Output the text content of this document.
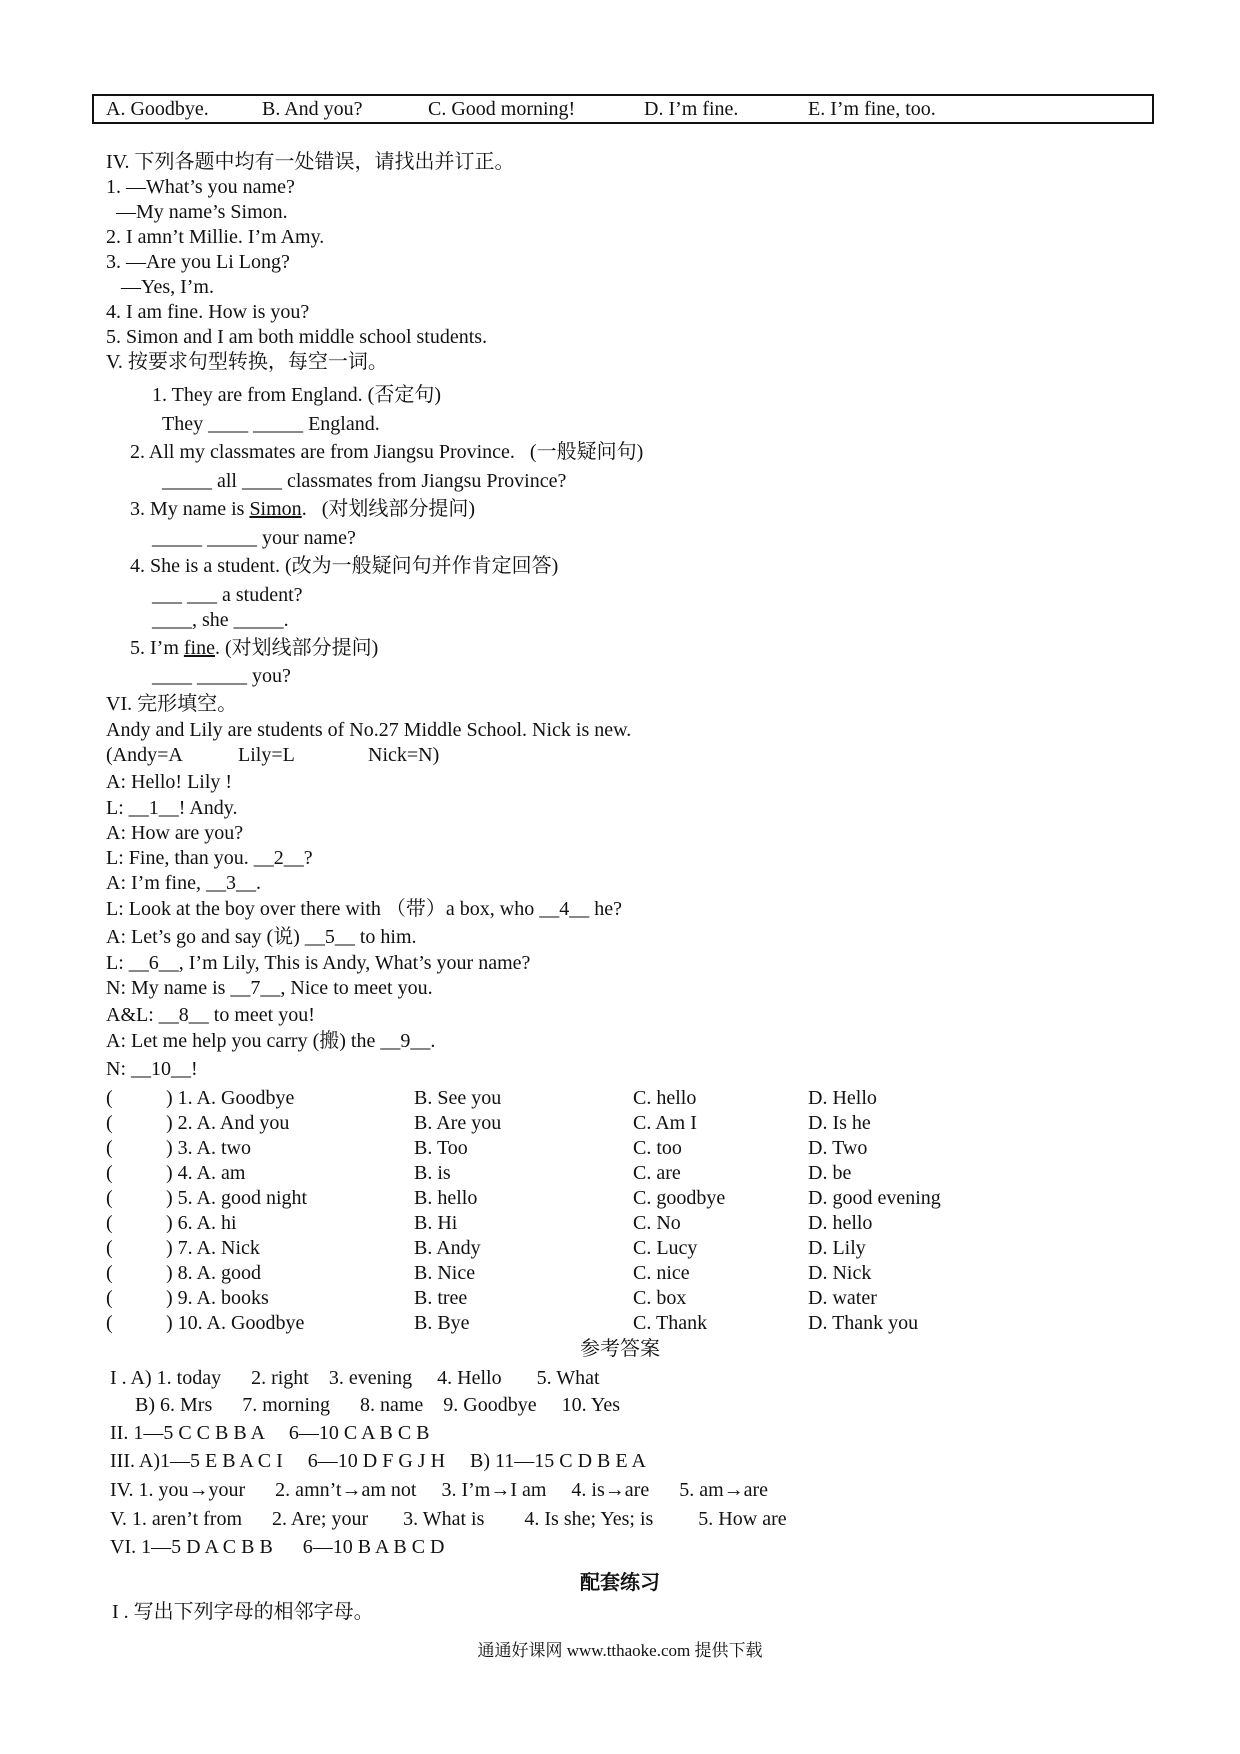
A. Goodbye.	B. And you?	C. Good morning!	D. I’m fine.	E. I’m fine, too.
IV. 下列各题中均有一处错误，请找出并订正。
1. —What’s you name?
—My name’s Simon.
2. I amn’t Millie. I’m Amy.
3. —Are you Li Long?
—Yes, I’m.
4. I am fine. How is you?
5. Simon and I am both middle school students.
V. 按要求句型转换，每空一词。
1. They are from England. (否定句)
They ____ _____ England.
2. All my classmates are from Jiangsu Province.   (一般疑问句)
_____ all ____ classmates from Jiangsu Province?
3. My name is Simon.   (对划线部分提问)
_____ _____ your name?
4. She is a student. (改为一般疑问句并作肯定回答)
___ ___ a student?
____, she _____.
5. I’m fine. (对划线部分提问)
____ _____ you?
VI. 完形填空。
Andy and Lily are students of No.27 Middle School. Nick is new.
(Andy=A	Lily=L	Nick=N)
A: Hello! Lily !
L: __1__! Andy.
A: How are you?
L: Fine, than you. __2__?
A: I’m fine, __3__.
L: Look at the boy over there with （带）a box, who __4__ he?
A: Let’s go and say (说) __5__ to him.
L: __6__, I’m Lily, This is Andy, What’s your name?
N: My name is __7__, Nice to meet you.
A&L: __8__ to meet you!
A: Let me help you carry (搬) the __9__.
N: __10__!
(	) 1. A. Goodbye	B. See you	C. hello	D. Hello
(	) 2. A. And you	B. Are you	C. Am I	D. Is he
(	) 3. A. two	B. Too	C. too	D. Two
(	) 4. A. am	B. is	C. are	D. be
(	) 5. A. good night	B. hello	C. goodbye	D. good evening
(	) 6. A. hi	B. Hi	C. No	D. hello
(	) 7. A. Nick	B. Andy	C. Lucy	D. Lily
(	) 8. A. good	B. Nice	C. nice	D. Nick
(	) 9. A. books	B. tree	C. box	D. water
(	) 10. A. Goodbye	B. Bye	C. Thank	D. Thank you
参考答案
I . A) 1. today      2. right    3. evening     4. Hello       5. What
B) 6. Mrs      7. morning      8. name    9. Goodbye     10. Yes
II. 1—5 C C B B A     6—10 C A B C B
III. A)1—5 E B A C I     6—10 D F G J H     B) 11—15 C D B E A
IV. 1. you→your      2. amn’t→am not     3. I’m→I am     4. is→are      5. am→are
V. 1. aren’t from      2. Are; your       3. What is        4. Is she; Yes; is         5. How are
VI. 1—5 D A C B B      6—10 B A B C D
配套练习
I . 写出下列字母的相邻字母。
通通好课网 www.tthaoke.com 提供下载
